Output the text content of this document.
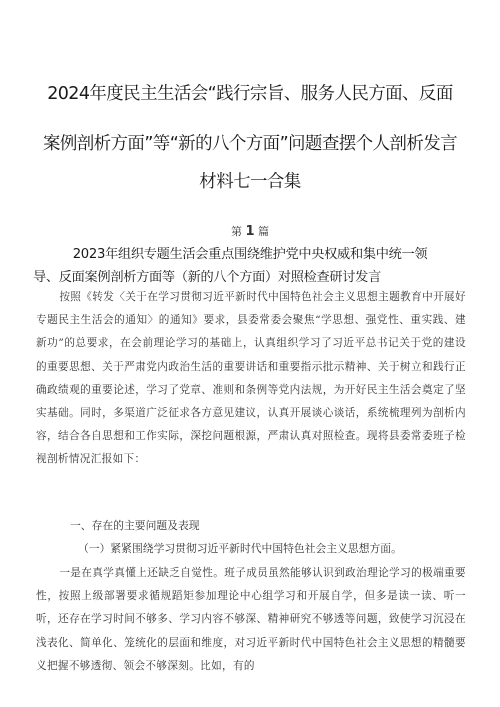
2024年度民主生活会“践行宗旨、服务人民方面、反面
案例剖析方面”等“新的八个方面”问题查摆个人剖析发言
材料七一合集
第 1 篇
2023年组织专题生活会重点围绕维护党中央权威和集中统一领
导、反面案例剖析方面等（新的八个方面）对照检查研讨发言
按照《转发〈关于在学习贯彻习近平新时代中国特色社会主义思想主题教育中开展好专题民主生活会的通知〉的通知》要求，县委常委会聚焦“学思想、强党性、重实践、建新功”的总要求，在会前理论学习的基础上，认真组织学习了习近平总书记关于党的建设的重要思想、关于严肃党内政治生活的重要讲话和重要指示批示精神、关于树立和践行正确政绩观的重要论述，学习了党章、准则和条例等党内法规，为开好民主生活会奠定了坚实基础。同时，多渠道广泛征求各方意见建议，认真开展谈心谈话，系统梳理列为剖析内容，结合各自思想和工作实际，深挖问题根源，严肃认真对照检查。现将县委常委班子检视剖析情况汇报如下：
一、存在的主要问题及表现
（一）紧紧围绕学习贯彻习近平新时代中国特色社会主义思想方面。
一是在真学真懂上还缺乏自觉性。班子成员虽然能够认识到政治理论学习的极端重要性，按照上级部署要求循规蹈矩参加理论中心组学习和开展自学，但多是读一读、听一听，还存在学习时间不够多、学习内容不够深、精神研究不够透等问题，致使学习沉浸在浅表化、简单化、笼统化的层面和维度，对习近平新时代中国特色社会主义思想的精髓要义把握不够透彻、领会不够深刻。比如，有的
